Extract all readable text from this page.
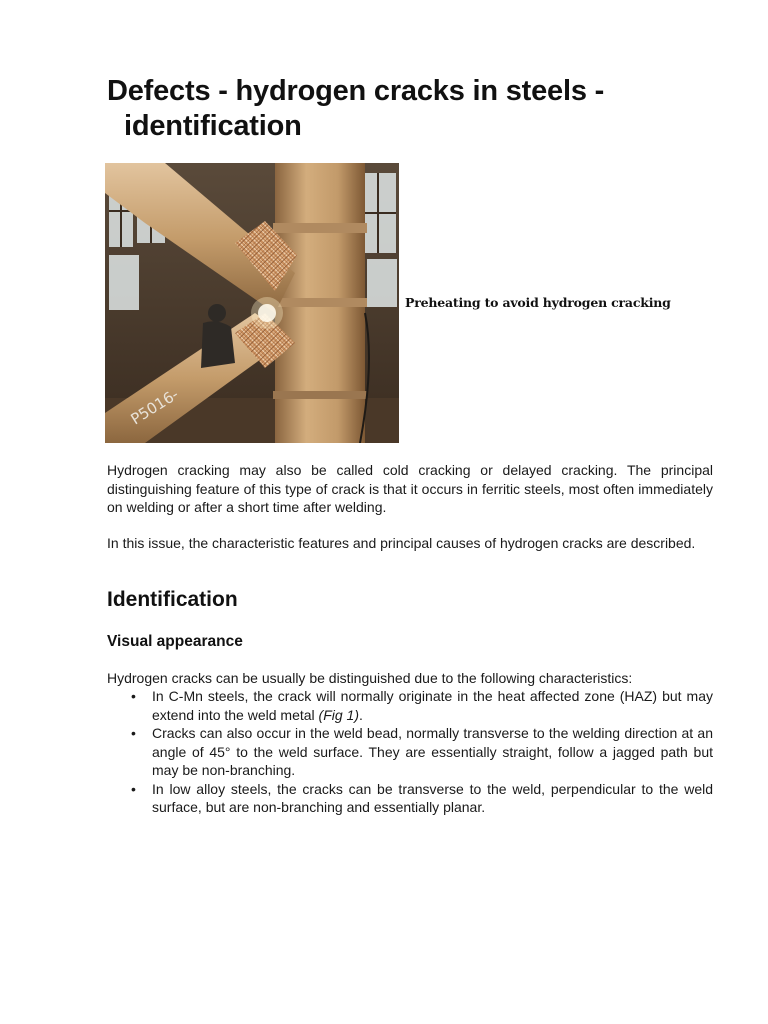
Defects - hydrogen cracks in steels -
identification
P5016-
Preheating to avoid hydrogen cracking

Hydrogen cracking may also be called cold cracking or delayed cracking. The principal distinguishing feature of this type of crack is that it occurs in ferritic steels, most often immediately on welding or after a short time after welding.

In this issue, the characteristic features and principal causes of hydrogen cracks are described.

Identification
Visual appearance

Hydrogen cracks can be usually be distinguished due to the following characteristics:

• In C-Mn steels, the crack will normally originate in the heat affected zone (HAZ) but may extend into the weld metal (Fig 1).
• Cracks can also occur in the weld bead, normally transverse to the welding direction at an angle of 45° to the weld surface. They are essentially straight, follow a jagged path but may be non-branching.
• In low alloy steels, the cracks can be transverse to the weld, perpendicular to the weld surface, but are non-branching and essentially planar.
